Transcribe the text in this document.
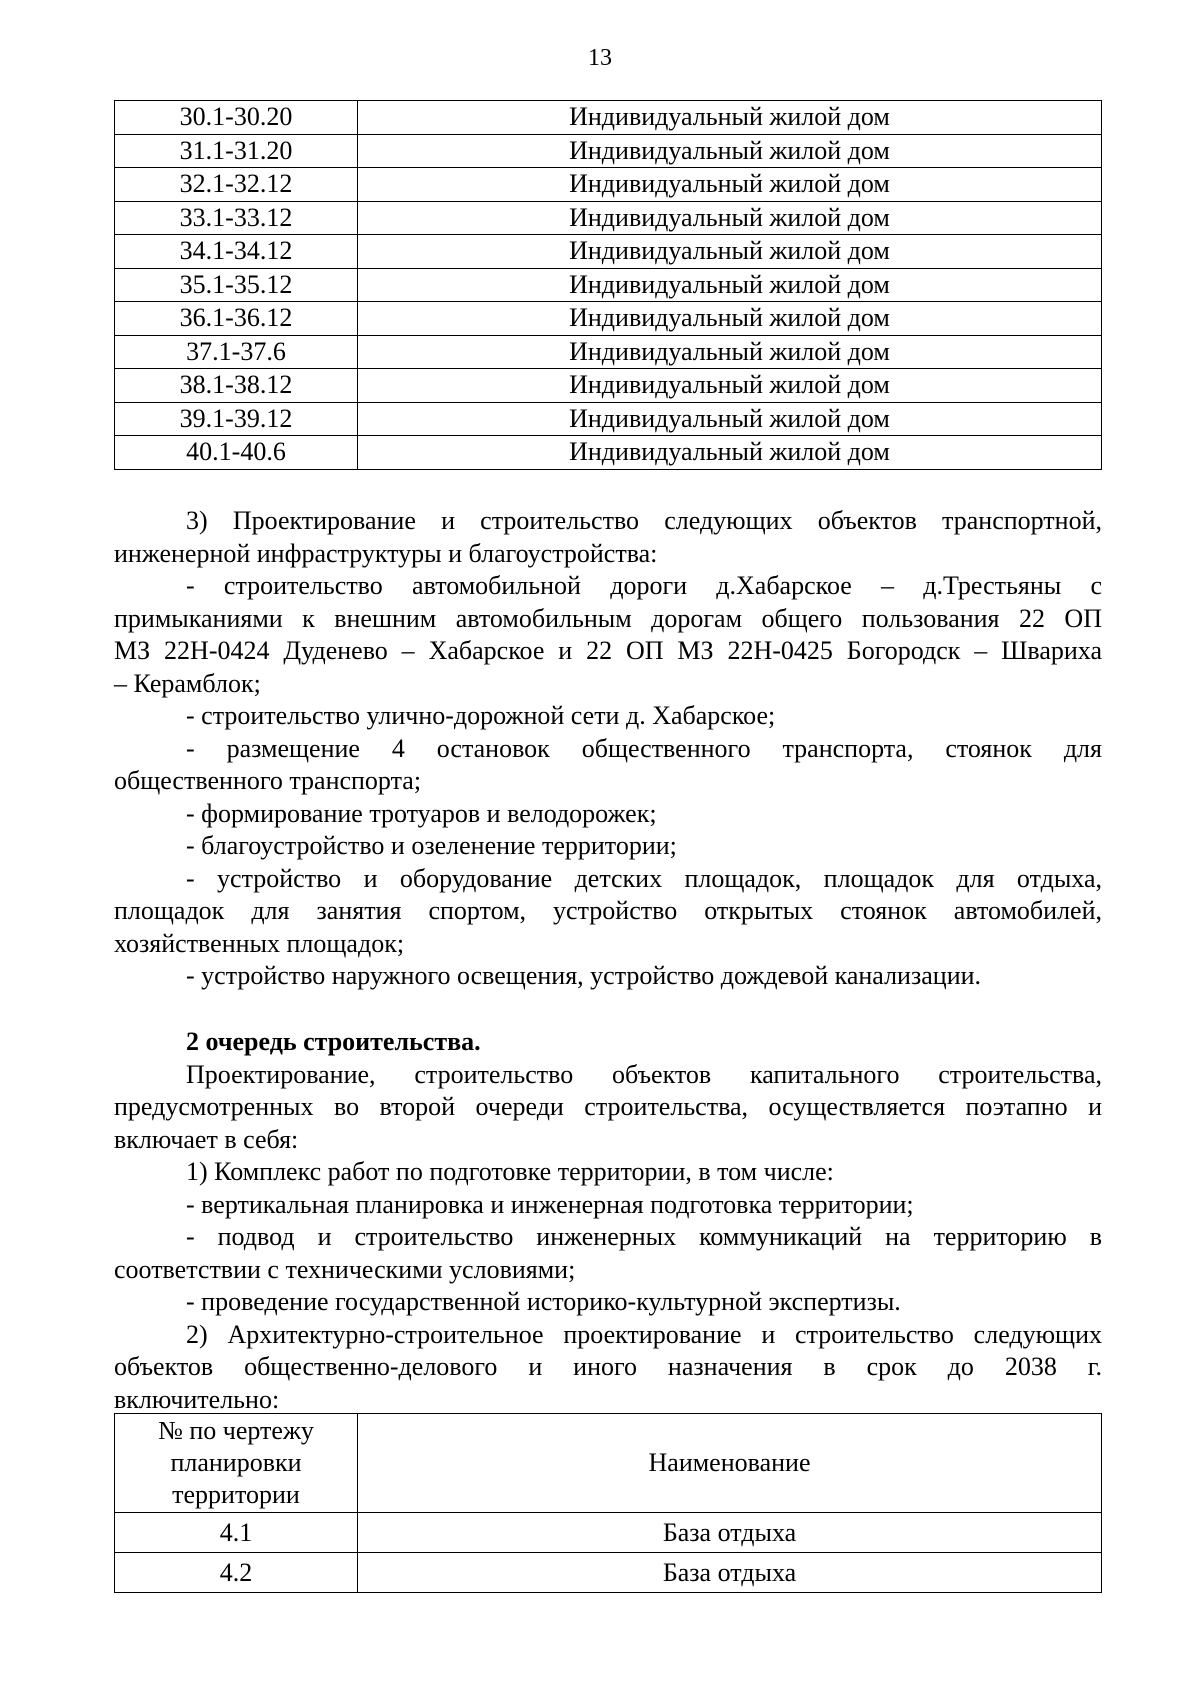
13
30.1-30.20	Индивидуальный жилой дом
31.1-31.20	Индивидуальный жилой дом
32.1-32.12	Индивидуальный жилой дом
33.1-33.12	Индивидуальный жилой дом
34.1-34.12	Индивидуальный жилой дом
35.1-35.12	Индивидуальный жилой дом
36.1-36.12	Индивидуальный жилой дом
37.1-37.6	Индивидуальный жилой дом
38.1-38.12	Индивидуальный жилой дом
39.1-39.12	Индивидуальный жилой дом
40.1-40.6	Индивидуальный жилой дом
3) Проектирование и строительство следующих объектов транспортной,
инженерной инфраструктуры и благоустройства:
- строительство автомобильной дороги д.Хабарское – д.Трестьяны с
примыканиями к внешним автомобильным дорогам общего пользования 22 ОП
МЗ 22Н-0424 Дуденево – Хабарское и 22 ОП МЗ 22Н-0425 Богородск – Швариха
– Керамблок;
- строительство улично-дорожной сети д. Хабарское;
- размещение 4 остановок общественного транспорта, стоянок для
общественного транспорта;
- формирование тротуаров и велодорожек;
- благоустройство и озеленение территории;
- устройство и оборудование детских площадок, площадок для отдыха,
площадок для занятия спортом, устройство открытых стоянок автомобилей,
хозяйственных площадок;
- устройство наружного освещения, устройство дождевой канализации.
2 очередь строительства.
Проектирование, строительство объектов капитального строительства,
предусмотренных во второй очереди строительства, осуществляется поэтапно и
включает в себя:
1) Комплекс работ по подготовке территории, в том числе:
- вертикальная планировка и инженерная подготовка территории;
- подвод и строительство инженерных коммуникаций на территорию в
соответствии с техническими условиями;
- проведение государственной историко-культурной экспертизы.
2) Архитектурно-строительное проектирование и строительство следующих
объектов общественно-делового и иного назначения в срок до 2038 г.
включительно:
№ по чертежу планировки территории	Наименование
4.1	База отдыха
4.2	База отдыха
